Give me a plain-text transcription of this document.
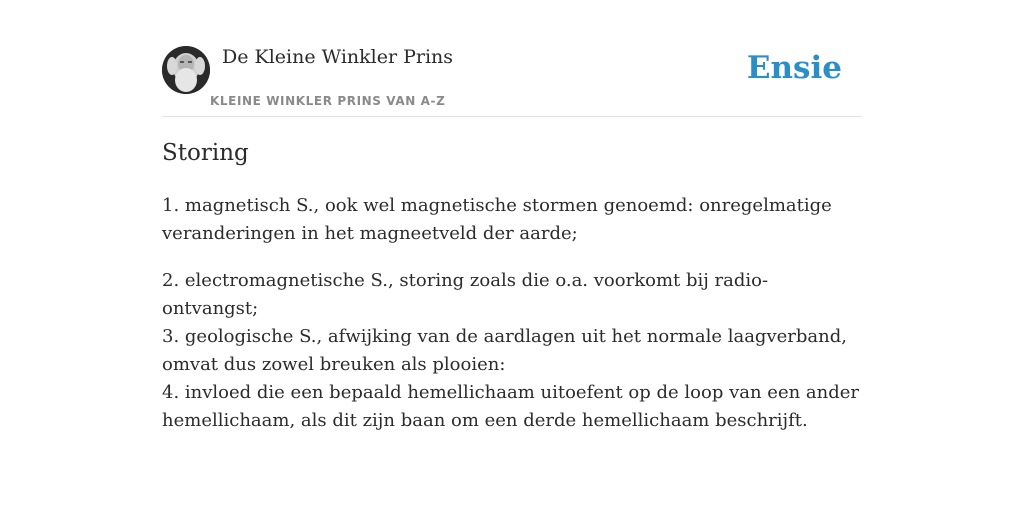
De Kleine Winkler Prins
KLEINE WINKLER PRINS VAN A-Z
Ensie
Storing

1. magnetisch S., ook wel magnetische stormen genoemd: onregelmatige veranderingen in het magneetveld der aarde;

2. electromagnetische S., storing zoals die o.a. voorkomt bij radio-ontvangst;
3. geologische S., afwijking van de aardlagen uit het normale laagverband, omvat dus zowel breuken als plooien:
4. invloed die een bepaald hemellichaam uitoefent op de loop van een ander hemellichaam, als dit zijn baan om een derde hemellichaam beschrijft.
